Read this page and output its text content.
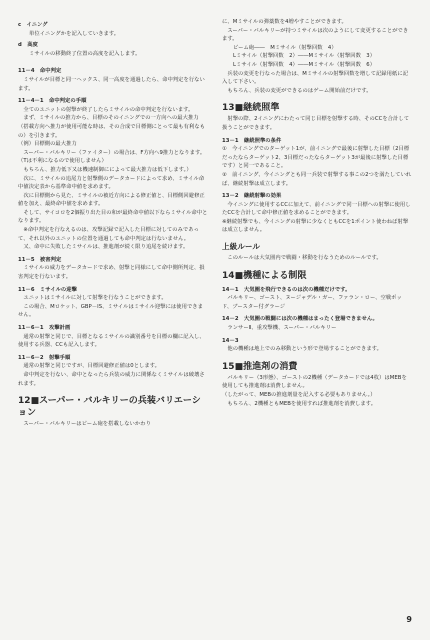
c　イニング
単位イニングかを記入していきます。
d　高度
ミサイルの移動終了位置の高度を記入します。
11－4　命中判定
　ミサイルが目標と同一ヘックス、同一高度を通過したら、命中判定を行ないます。
11－4－1　命中判定の手順
　全てのユニットの射撃が終了したらミサイルの命中判定を行ないます。
　まず、ミサイルの推力から、目標のそのイニングでの一方向への最大推力（搭載方向へ推力が使用可能な時は、その合成で目標側にとって最も有利なもの）を引きます。
（例）目標側の最大推力
　スーパー・バルキリー（ファイター）の場合は、F方向へ9推力となります。（Tは不利になるので使用しません）
　もちろん、推力低下又は機速制御にによって最大推力は低下します。）
　次に、ミサイルの追尾力と射撃側のデータカードによって求め、ミサイル命中値決定表から基準命中値を求めます。
　次に目標側から見た、ミサイルの被近方向による修正値と、目標側回避修正値を加え、最終命中値を求めます。
　そして、サイコロを2個振り出た目の和が最終命中値以下ならミサイル命中となります。
　※命中判定を行なえるのは、攻撃記録で記入した目標に対してのみであって、それ以外のユニットの位置を通過しても命中判定は行ないません。
　又、命中に失敗したミサイルは、推進剤が続く限り追尾を続けます。
11－5　被害判定
　ミサイルの威力をデータカードで求め、射撃と同様にして命中側所判定、損害判定を行ないます。
11－6　ミサイルの迎撃
　ユニットはミサイルに対して射撃を行なうことができます。
　この場合、Mロケット、GBP－IS、ミサイルはミサイル迎撃には使用できません。
11－6－1　攻撃計画
　通常の射撃と同じで、目標となるミサイルの識別番号を目標の欄に記入し、使用する兵器、CCも記入します。
11－6－2　射撃手順
　通常の射撃と同じですが、目標回避修正値は0とします。
　命中判定を行ない、命中となったら兵装の威力に関係なくミサイルは破壊されます。
12■スーパー・バルキリーの兵装バリエーション
　スーパー・バルキリーはビーム砲を搭載しないかわり
に、Mミサイルの弾薬数を4増やすことができます。
　スーパー・バルキリーが持つミサイルは次のようにして変更することができます。
ビーム砲――　Mミサイル（射撃回数　4）
Lミサイル（射撃回数　2）――Mミサイル（射撃回数　3）
Lミサイル（射撃回数　4）――Mミサイル（射撃回数　6）
　兵装の変更を行なった場合は、Mミサイルの射撃回数を増して記録用紙に記入して下さい。
　もちろん、兵装の変更ができるのはゲーム開始前だけです。
13■継続照準
　射撃の際、2イニングにわたって同じ目標を射撃する時、そのCCを合計して扱うことができます。
13－1　継続照準の条件
①　今イニングでのターゲット1が、前イニングで最後に射撃した目標（2目標だったならターゲット2、3目標だったならターゲット3が最後に射撃した目標です）と同一であること。
②　前イニング、今イニングとも同一兵装で射撃する事この2つを満たしていれば、継続射撃は成立します。
13－2　継続射撃の効果
　今イニングに使用するCCに加えて、前イニングで同一目標への射撃に使用したCCを合計して命中修正値を求めることができます。
※継続射撃でも、今イニングの射撃に少なくともCCを1ポイント使わねば射撃は成立しません。
上級ルール
　このルールは大気圏内で戦闘・移動を行なうためのルールです。
14■機種による制限
14－1　大気圏を飛行できるのは次の機種だけです。
　バルキリー、ゴースト、ヌージャデル・ガー、ファラン・ロー、空戦ポッド、ブースター付グラージ
14－2　大気圏の戦闘には次の機種はまったく登場できません。
　ランサーⅡ、重攻撃機、スーパー・バルキリー
14－3
　他の機種は地上でのみ移動という形で登場することができます。
15■推進剤の消費
　バルキリー（3形態）、ゴーストの2機種（データカードでは4枚）はMEBを使用しても推進剤は消費しません。
（したがって、MEBの推進剤量を記入する必要もありません。）
　もちろん、2機種ともMEBを使用すれば推進剤を消費します。
9
